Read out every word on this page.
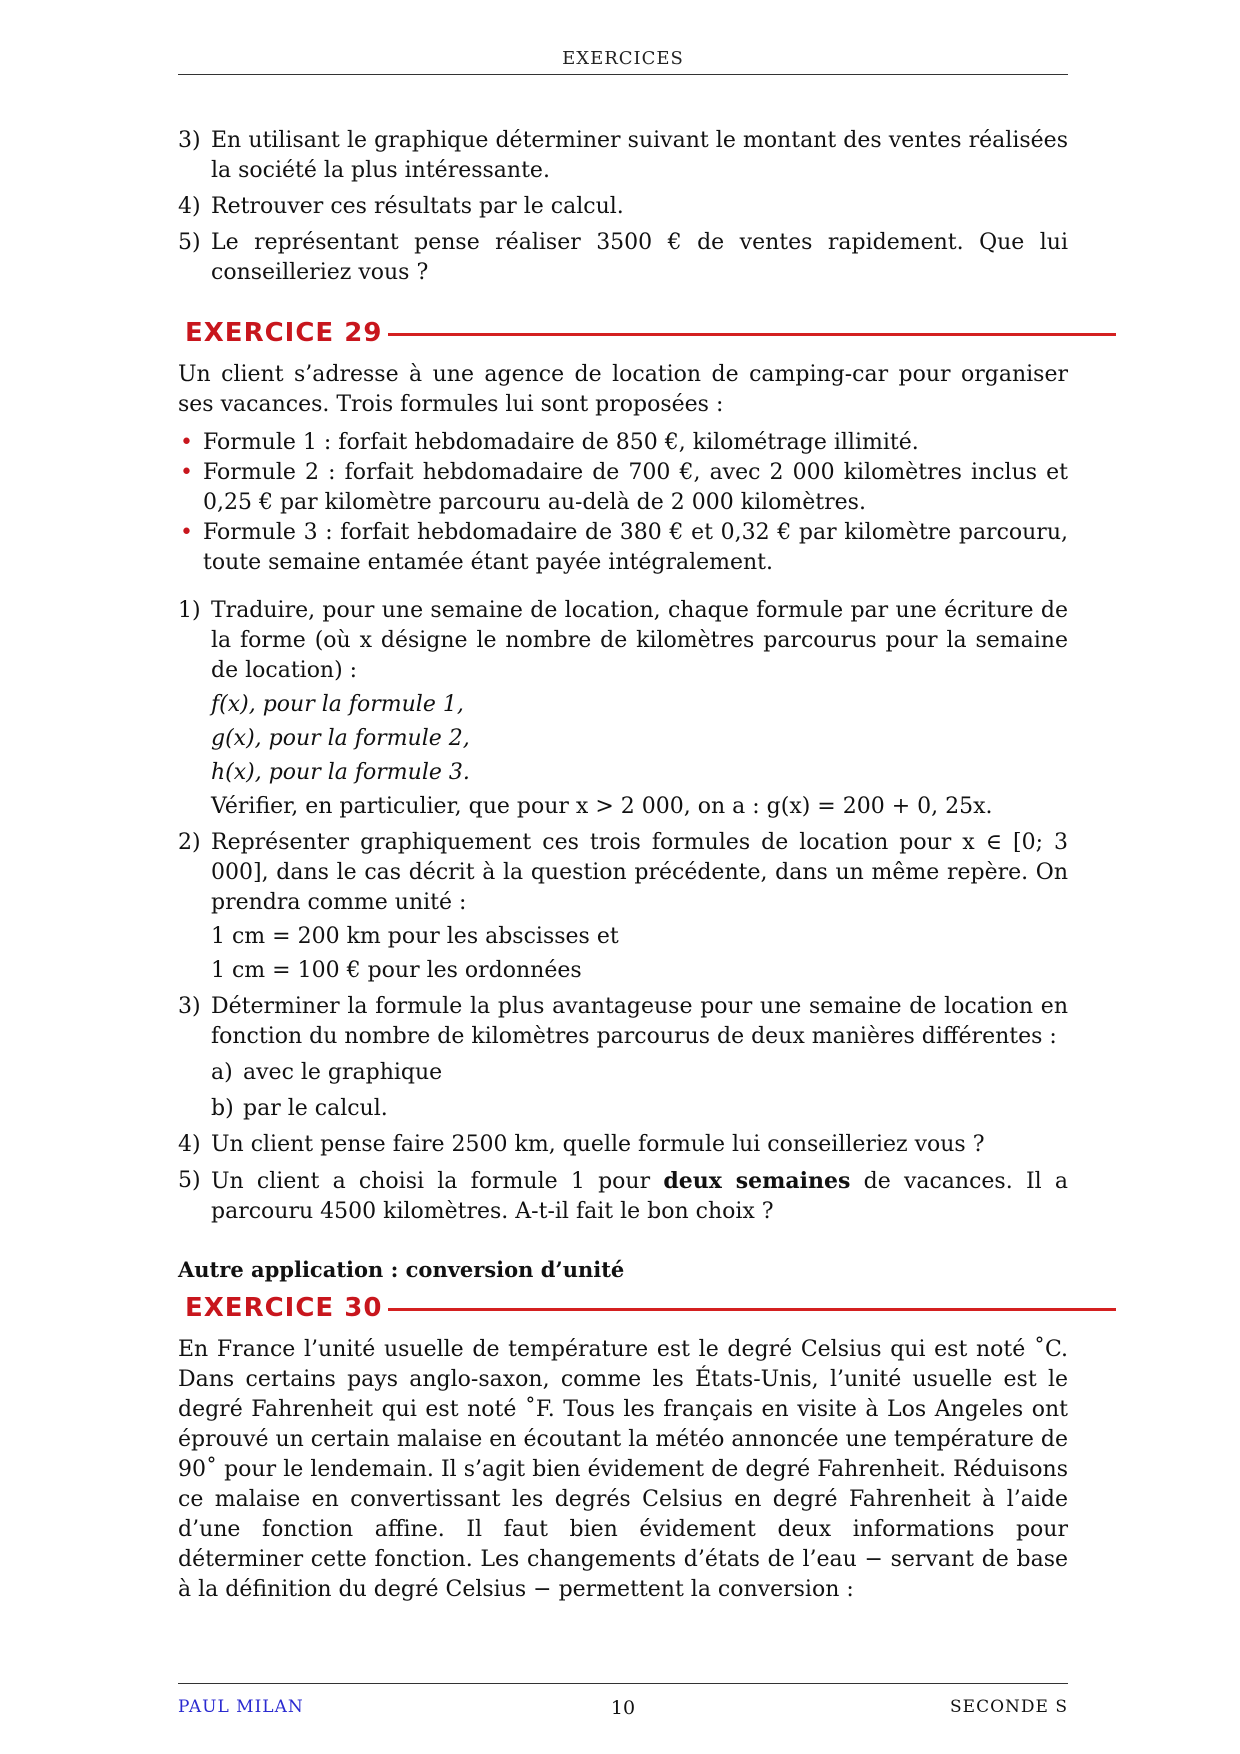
EXERCICES
3) En utilisant le graphique déterminer suivant le montant des ventes réalisées la société la plus intéressante.
4) Retrouver ces résultats par le calcul.
5) Le représentant pense réaliser 3500 € de ventes rapidement. Que lui conseilleriez vous ?
EXERCICE 29

Un client s’adresse à une agence de location de camping-car pour organiser ses vacances. Trois formules lui sont proposées :

• Formule 1 : forfait hebdomadaire de 850 €, kilométrage illimité.
• Formule 2 : forfait hebdomadaire de 700 €, avec 2 000 kilomètres inclus et 0,25 € par kilomètre parcouru au-delà de 2 000 kilomètres.
• Formule 3 : forfait hebdomadaire de 380 € et 0,32 € par kilomètre parcouru, toute semaine entamée étant payée intégralement.
1) Traduire, pour une semaine de location, chaque formule par une écriture de la forme (où x désigne le nombre de kilomètres parcourus pour la semaine de location) :
f(x), pour la formule 1,
g(x), pour la formule 2,
h(x), pour la formule 3.
Vérifier, en particulier, que pour x > 2 000, on a : g(x) = 200 + 0, 25x.
2) Représenter graphiquement ces trois formules de location pour x ∈ [0; 3 000], dans le cas décrit à la question précédente, dans un même repère. On prendra comme unité :
1 cm = 200 km pour les abscisses et
1 cm = 100 € pour les ordonnées
3) Déterminer la formule la plus avantageuse pour une semaine de location en fonction du nombre de kilomètres parcourus de deux manières différentes :
a) avec le graphique
b) par le calcul.
4) Un client pense faire 2500 km, quelle formule lui conseilleriez vous ?
5) Un client a choisi la formule 1 pour deux semaines de vacances. Il a parcouru 4500 kilomètres. A-t-il fait le bon choix ?
Autre application : conversion d’unité
EXERCICE 30

En France l’unité usuelle de température est le degré Celsius qui est noté ˚C. Dans certains pays anglo-saxon, comme les États-Unis, l’unité usuelle est le degré Fahrenheit qui est noté ˚F. Tous les français en visite à Los Angeles ont éprouvé un certain malaise en écoutant la météo annoncée une température de 90˚ pour le lendemain. Il s’agit bien évidement de degré Fahrenheit. Réduisons ce malaise en convertissant les degrés Celsius en degré Fahrenheit à l’aide d’une fonction affine. Il faut bien évidement deux informations pour déterminer cette fonction. Les changements d’états de l’eau − servant de base à la définition du degré Celsius − permettent la conversion :

PAUL MILAN	10	SECONDE S
